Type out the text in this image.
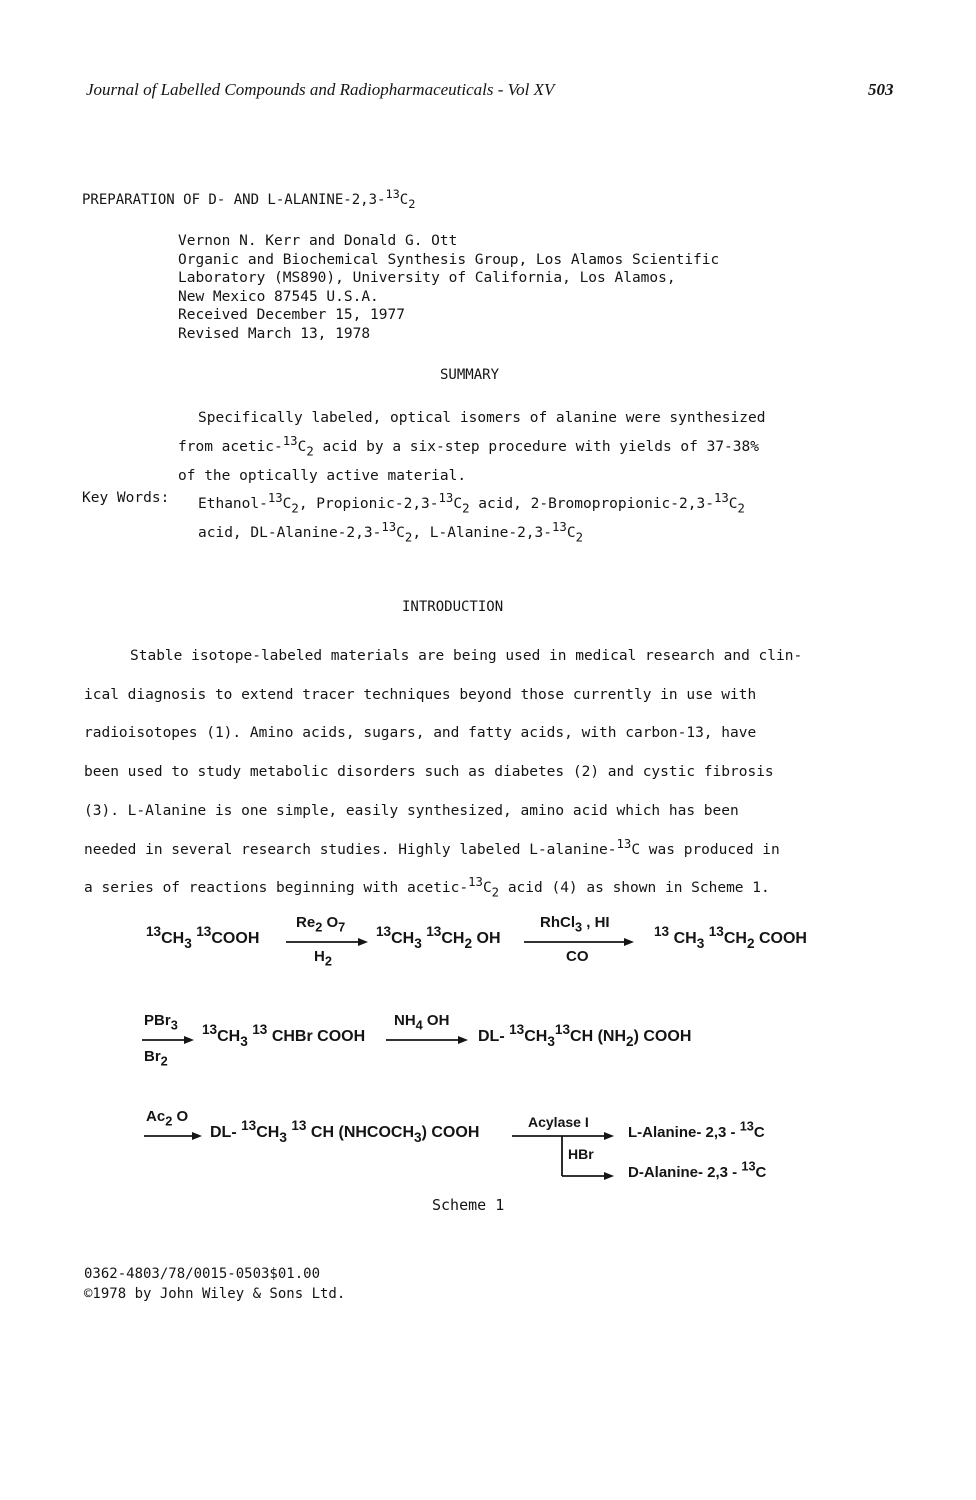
Journal of Labelled Compounds and Radiopharmaceuticals - Vol XV	503
PREPARATION OF D- AND $L-ALANINE-2,3-^{13}C_2$
Vernon N. Kerr and Donald G. Ott
Organic and Biochemical Synthesis Group, Los Alamos Scientific
Laboratory (MS890), University of California, Los Alamos,
New Mexico 87545 U.S.A.
Received December 15, 1977
Revised March 13, 1978
SUMMARY
Specifically labeled, optical isomers of alanine were synthesized
from acetic-$^{13}C_2$ acid by a six-step procedure with yields of 37-38%
of the optically active material.
Key Words: Ethanol-$^{13}C_2$, Propionic-$2,3-^{13}C_2$ acid, $2-Bromopropionic-2,3-^{13}C_2$
acid, $DL-Alanine-2,3-^{13}C_2$, $L-Alanine-2,3-^{13}C_2$
INTRODUCTION
Stable isotope-labeled materials are being used in medical research and clin-
ical diagnosis to extend tracer techniques beyond those currently in use with
radioisotopes (1). Amino acids, sugars, and fatty acids, with carbon-13, have
been used to study metabolic disorders such as diabetes (2) and cystic fibrosis
(3). L-Alanine is one simple, easily synthesized, amino acid which has been
needed in several research studies. Highly labeled L-alanine-$^{13}$C was produced in
a series of reactions beginning with acetic-$^{13}C_2$ acid (4) as shown in Scheme 1.
$^{13}CH_3$ $^{13}$COOH
$Re_2$ $O_7$
$H_2$
$^{13}CH_3$ $^{13}CH_2$ OH
RhCl$_3$ , HI
CO
$^{13}$ $CH_3$ $^{13}CH_2$ COOH
PBr$_3$
$Br_2$
$^{13}CH_3$ $^{13}$ CHBr COOH
$NH_4$ OH
DL- $^{13}CH_3^{13}CH$ $(NH_2)$ COOH
$Ac_2$ O
DL- $^{13}CH_3$ $^{13}$ CH $(NHCOCH_3)$ COOH
Acylase I
HBr
L-Alanine- 2,3 - $^{13}$C
D-Alanine- 2,3 - $^{13}$C
Scheme 1
0362-4803/78/0015-0503$01.00
©1978 by John Wiley & Sons Ltd.
